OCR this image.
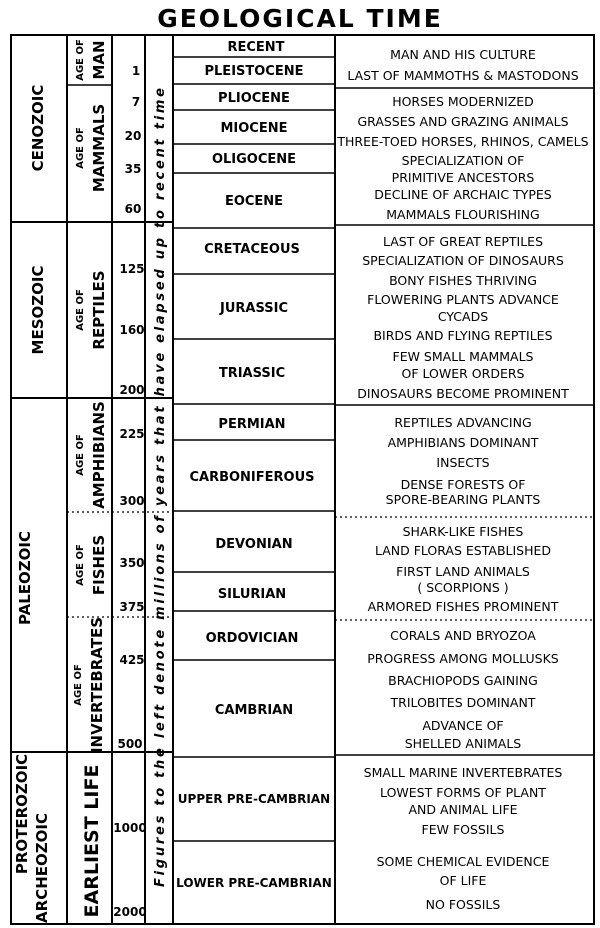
GEOLOGICAL TIME
CENOZOIC
MESOZOIC
PALEOZOIC
PROTEROZOIC ARCHEOZOIC
AGE OF MAN
AGE OF MAMMALS
AGE OF REPTILES
AGE OF AMPHIBIANS
AGE OF FISHES
AGE OF INVERTEBRATES
EARLIEST LIFE
1
7
20
35
60
125
160
200
225
300
350
375
425
500
1000
2000
Figures to the left denote millions of years that have elapsed up to recent time
RECENT
PLEISTOCENE
PLIOCENE
MIOCENE
OLIGOCENE
EOCENE
CRETACEOUS
JURASSIC
TRIASSIC
PERMIAN
CARBONIFEROUS
DEVONIAN
SILURIAN
ORDOVICIAN
CAMBRIAN
UPPER PRE-CAMBRIAN
LOWER PRE-CAMBRIAN
MAN AND HIS CULTURE
LAST OF MAMMOTHS & MASTODONS
HORSES MODERNIZED
GRASSES AND GRAZING ANIMALS
THREE-TOED HORSES, RHINOS, CAMELS
SPECIALIZATION OF
PRIMITIVE ANCESTORS
DECLINE OF ARCHAIC TYPES
MAMMALS FLOURISHING
LAST OF GREAT REPTILES
SPECIALIZATION OF DINOSAURS
BONY FISHES THRIVING
FLOWERING PLANTS ADVANCE
CYCADS
BIRDS AND FLYING REPTILES
FEW SMALL MAMMALS
OF LOWER ORDERS
DINOSAURS BECOME PROMINENT
REPTILES ADVANCING
AMPHIBIANS DOMINANT
INSECTS
DENSE FORESTS OF
SPORE-BEARING PLANTS
SHARK-LIKE FISHES
LAND FLORAS ESTABLISHED
FIRST LAND ANIMALS
( SCORPIONS )
ARMORED FISHES PROMINENT
CORALS AND BRYOZOA
PROGRESS AMONG MOLLUSKS
BRACHIOPODS GAINING
TRILOBITES DOMINANT
ADVANCE OF
SHELLED ANIMALS
SMALL MARINE INVERTEBRATES
LOWEST FORMS OF PLANT
AND ANIMAL LIFE
FEW FOSSILS
SOME CHEMICAL EVIDENCE
OF LIFE
NO FOSSILS
